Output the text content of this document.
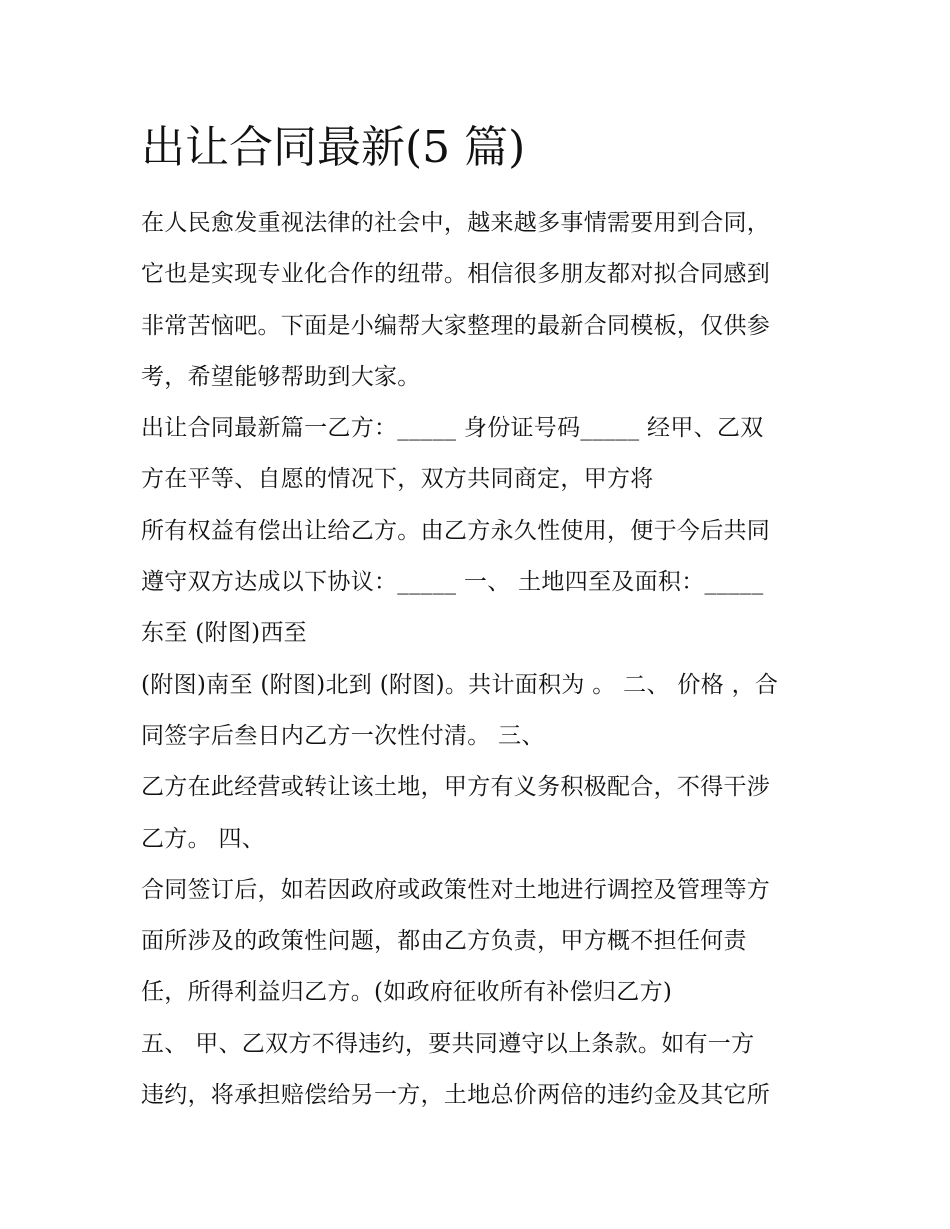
出让合同最新(5 篇)
在人民愈发重视法律的社会中，越来越多事情需要用到合同，
它也是实现专业化合作的纽带。相信很多朋友都对拟合同感到
非常苦恼吧。下面是小编帮大家整理的最新合同模板，仅供参
考，希望能够帮助到大家。
出让合同最新篇一乙方：_____ 身份证号码_____ 经甲、乙双
方在平等、自愿的情况下，双方共同商定，甲方将
所有权益有偿出让给乙方。由乙方永久性使用，便于今后共同
遵守双方达成以下协议：_____ 一、 土地四至及面积：_____
东至 (附图)西至
(附图)南至 (附图)北到 (附图)。共计面积为 。 二、 价格 ，合
同签字后叁日内乙方一次性付清。 三、
乙方在此经营或转让该土地，甲方有义务积极配合，不得干涉
乙方。 四、
合同签订后，如若因政府或政策性对土地进行调控及管理等方
面所涉及的政策性问题，都由乙方负责，甲方概不担任何责
任，所得利益归乙方。(如政府征收所有补偿归乙方)
五、 甲、乙双方不得违约，要共同遵守以上条款。如有一方
违约，将承担赔偿给另一方，土地总价两倍的违约金及其它所
